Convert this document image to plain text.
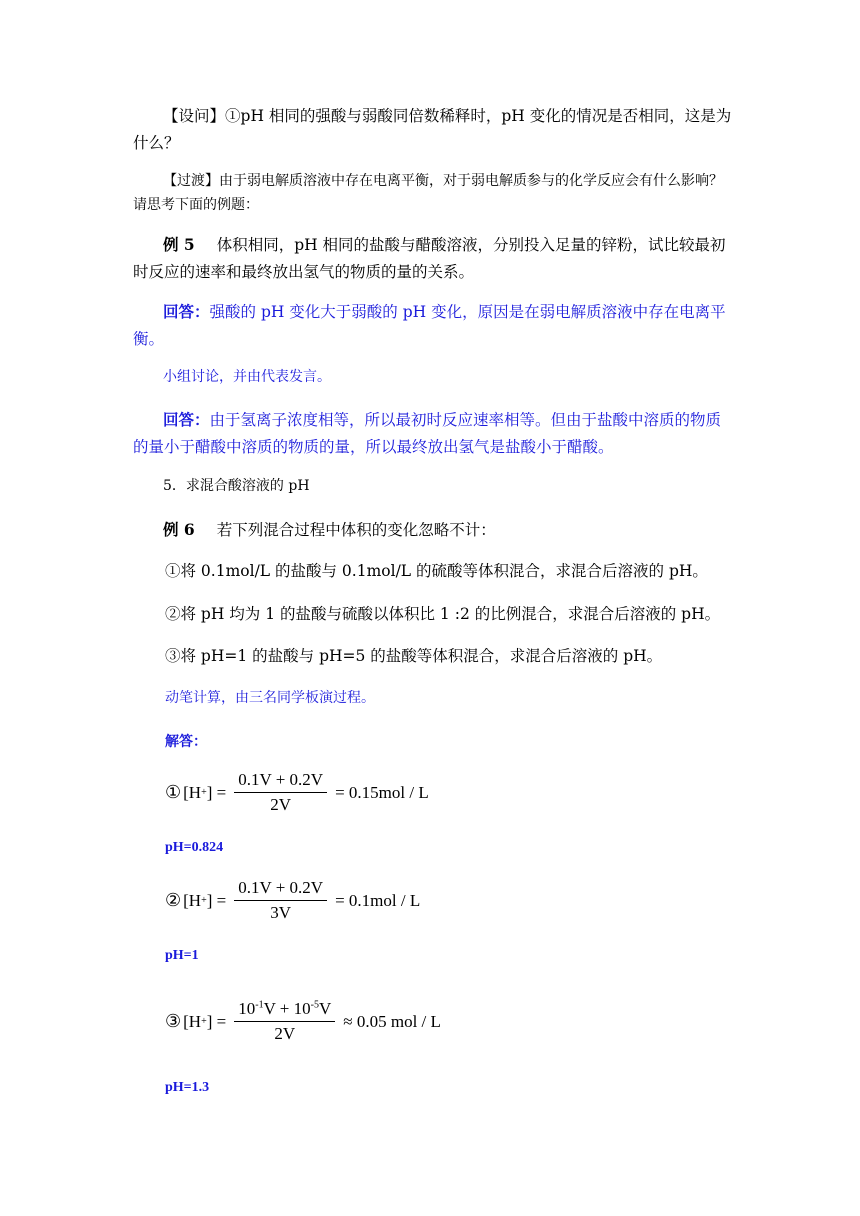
【设问】①pH 相同的强酸与弱酸同倍数稀释时，pH 变化的情况是否相同，这是为什么？

【过渡】由于弱电解质溶液中存在电离平衡，对于弱电解质参与的化学反应会有什么影响？请思考下面的例题：

例 5 体积相同，pH 相同的盐酸与醋酸溶液，分别投入足量的锌粉，试比较最初时反应的速率和最终放出氢气的物质的量的关系。

回答：强酸的 pH 变化大于弱酸的 pH 变化，原因是在弱电解质溶液中存在电离平衡。

小组讨论，并由代表发言。

回答：由于氢离子浓度相等，所以最初时反应速率相等。但由于盐酸中溶质的物质的量小于醋酸中溶质的物质的量，所以最终放出氢气是盐酸小于醋酸。

5．求混合酸溶液的 pH

例 6 若下列混合过程中体积的变化忽略不计：

①将 0.1mol/L 的盐酸与 0.1mol/L 的硫酸等体积混合，求混合后溶液的 pH。

②将 pH 均为 1 的盐酸与硫酸以体积比 1 :2 的比例混合，求混合后溶液的 pH。

③将 pH=1 的盐酸与 pH=5 的盐酸等体积混合，求混合后溶液的 pH。

动笔计算，由三名同学板演过程。

解答：

① [H + ] = $\frac{0.1V + 0.2V}{2V} = 0.15mol / L$
pH=0.824
② [H + ] = $\frac{0.1V + 0.2V}{3V} = 0.1mol / L$
pH=1
③ [H + ] = $\frac{10^{-1}V + 10^{-5}V}{2V} \approx 0.05$ mol / L
pH=1.3
